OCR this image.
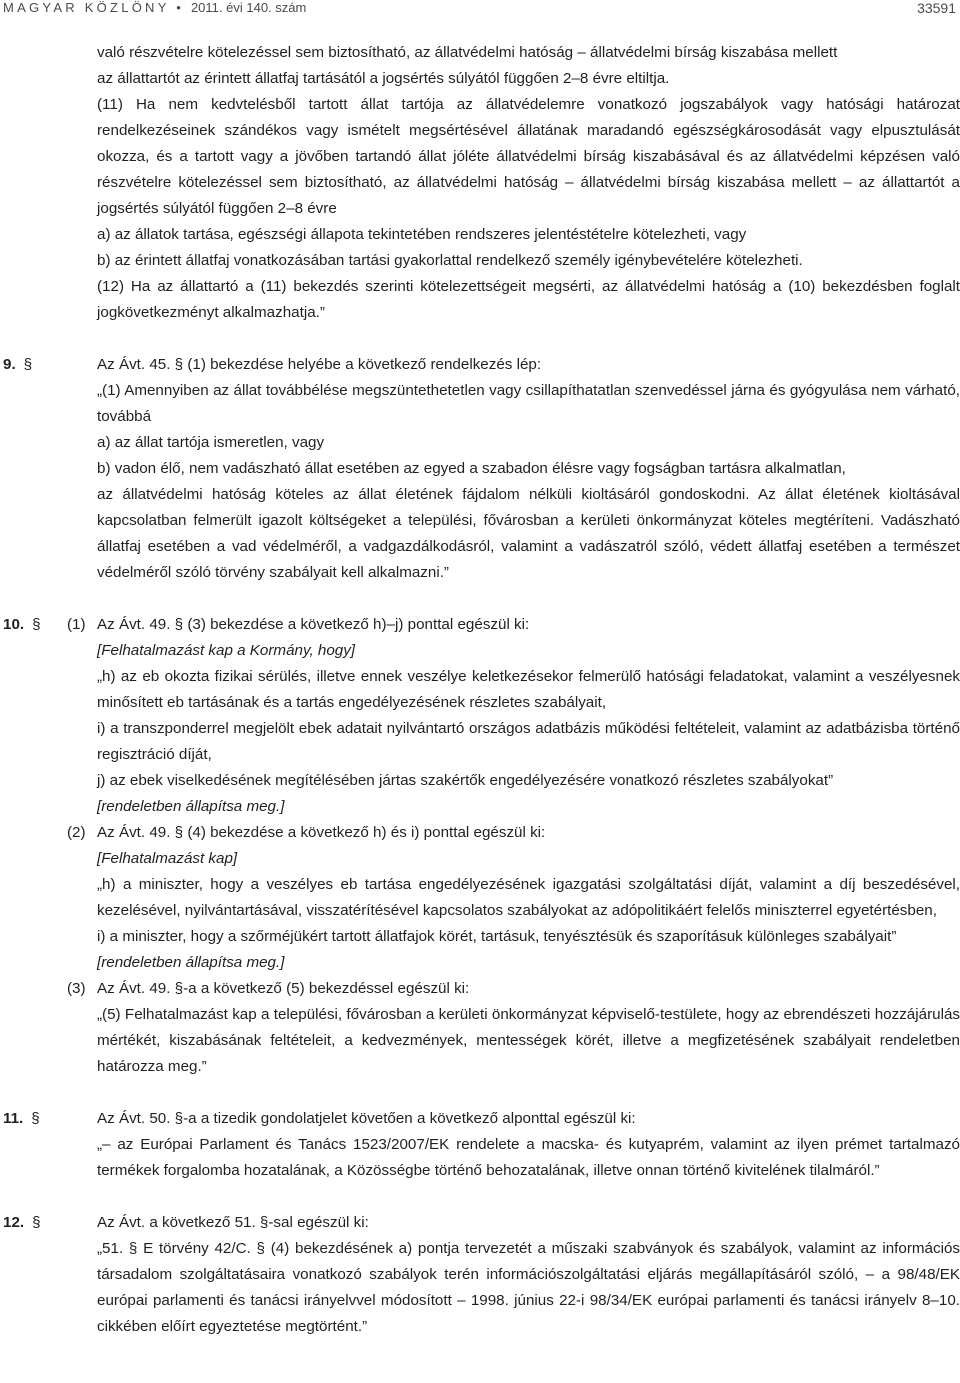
MAGYAR KÖZLÖNY • 2011. évi 140. szám	33591

való részvételre kötelezéssel sem biztosítható, az állatvédelmi hatóság – állatvédelmi bírság kiszabása mellett

az állattartót az érintett állatfaj tartásától a jogsértés súlyától függően 2–8 évre eltiltja.

(11) Ha nem kedvtelésből tartott állat tartója az állatvédelemre vonatkozó jogszabályok vagy hatósági határozat rendelkezéseinek szándékos vagy ismételt megsértésével állatának maradandó egészségkárosodását vagy elpusztulását okozza, és a tartott vagy a jövőben tartandó állat jóléte állatvédelmi bírság kiszabásával és az állatvédelmi képzésen való részvételre kötelezéssel sem biztosítható, az állatvédelmi hatóság – állatvédelmi bírság kiszabása mellett – az állattartót a jogsértés súlyától függően 2–8 évre

a) az állatok tartása, egészségi állapota tekintetében rendszeres jelentéstételre kötelezheti, vagy

b) az érintett állatfaj vonatkozásában tartási gyakorlattal rendelkező személy igénybevételére kötelezheti.

(12) Ha az állattartó a (11) bekezdés szerinti kötelezettségeit megsérti, az állatvédelmi hatóság a (10) bekezdésben foglalt jogkövetkezményt alkalmazhatja.”

9. §	Az Ávt. 45. § (1) bekezdése helyébe a következő rendelkezés lép:

„(1) Amennyiben az állat továbbélése megszüntethetetlen vagy csillapíthatatlan szenvedéssel járna és gyógyulása nem várható, továbbá

a) az állat tartója ismeretlen, vagy

b) vadon élő, nem vadászható állat esetében az egyed a szabadon élésre vagy fogságban tartásra alkalmatlan,

az állatvédelmi hatóság köteles az állat életének fájdalom nélküli kioltásáról gondoskodni. Az állat életének kioltásával kapcsolatban felmerült igazolt költségeket a települési, fővárosban a kerületi önkormányzat köteles megtéríteni. Vadászható állatfaj esetében a vad védelméről, a vadgazdálkodásról, valamint a vadászatról szóló, védett állatfaj esetében a természet védelméről szóló törvény szabályait kell alkalmazni.”

10. § (1) Az Ávt. 49. § (3) bekezdése a következő h)–j) ponttal egészül ki:

[Felhatalmazást kap a Kormány, hogy]

„h) az eb okozta fizikai sérülés, illetve ennek veszélye keletkezésekor felmerülő hatósági feladatokat, valamint a veszélyesnek minősített eb tartásának és a tartás engedélyezésének részletes szabályait,

i) a transzponderrel megjelölt ebek adatait nyilvántartó országos adatbázis működési feltételeit, valamint az adatbázisba történő regisztráció díját,

j) az ebek viselkedésének megítélésében jártas szakértők engedélyezésére vonatkozó részletes szabályokat”

[rendeletben állapítsa meg.]

(2) Az Ávt. 49. § (4) bekezdése a következő h) és i) ponttal egészül ki:

[Felhatalmazást kap]

„h) a miniszter, hogy a veszélyes eb tartása engedélyezésének igazgatási szolgáltatási díját, valamint a díj beszedésével, kezelésével, nyilvántartásával, visszatérítésével kapcsolatos szabályokat az adópolitikáért felelős miniszterrel egyetértésben,

i) a miniszter, hogy a szőrméjükért tartott állatfajok körét, tartásuk, tenyésztésük és szaporításuk különleges szabályait”

[rendeletben állapítsa meg.]

(3) Az Ávt. 49. §-a a következő (5) bekezdéssel egészül ki:

„(5) Felhatalmazást kap a települési, fővárosban a kerületi önkormányzat képviselő-testülete, hogy az ebrendészeti hozzájárulás mértékét, kiszabásának feltételeit, a kedvezmények, mentességek körét, illetve a megfizetésének szabályait rendeletben határozza meg.”

11. §	Az Ávt. 50. §-a a tizedik gondolatjelet követően a következő alponttal egészül ki:

„– az Európai Parlament és Tanács 1523/2007/EK rendelete a macska- és kutyaprém, valamint az ilyen prémet tartalmazó termékek forgalomba hozatalának, a Közösségbe történő behozatalának, illetve onnan történő kivitelének tilalmáról.”

12. §	Az Ávt. a következő 51. §-sal egészül ki:

„51. § E törvény 42/C. § (4) bekezdésének a) pontja tervezetét a műszaki szabványok és szabályok, valamint az információs társadalom szolgáltatásaira vonatkozó szabályok terén információszolgáltatási eljárás megállapításáról szóló, – a 98/48/EK európai parlamenti és tanácsi irányelvvel módosított – 1998. június 22-i 98/34/EK európai parlamenti és tanácsi irányelv 8–10. cikkében előírt egyeztetése megtörtént.”
